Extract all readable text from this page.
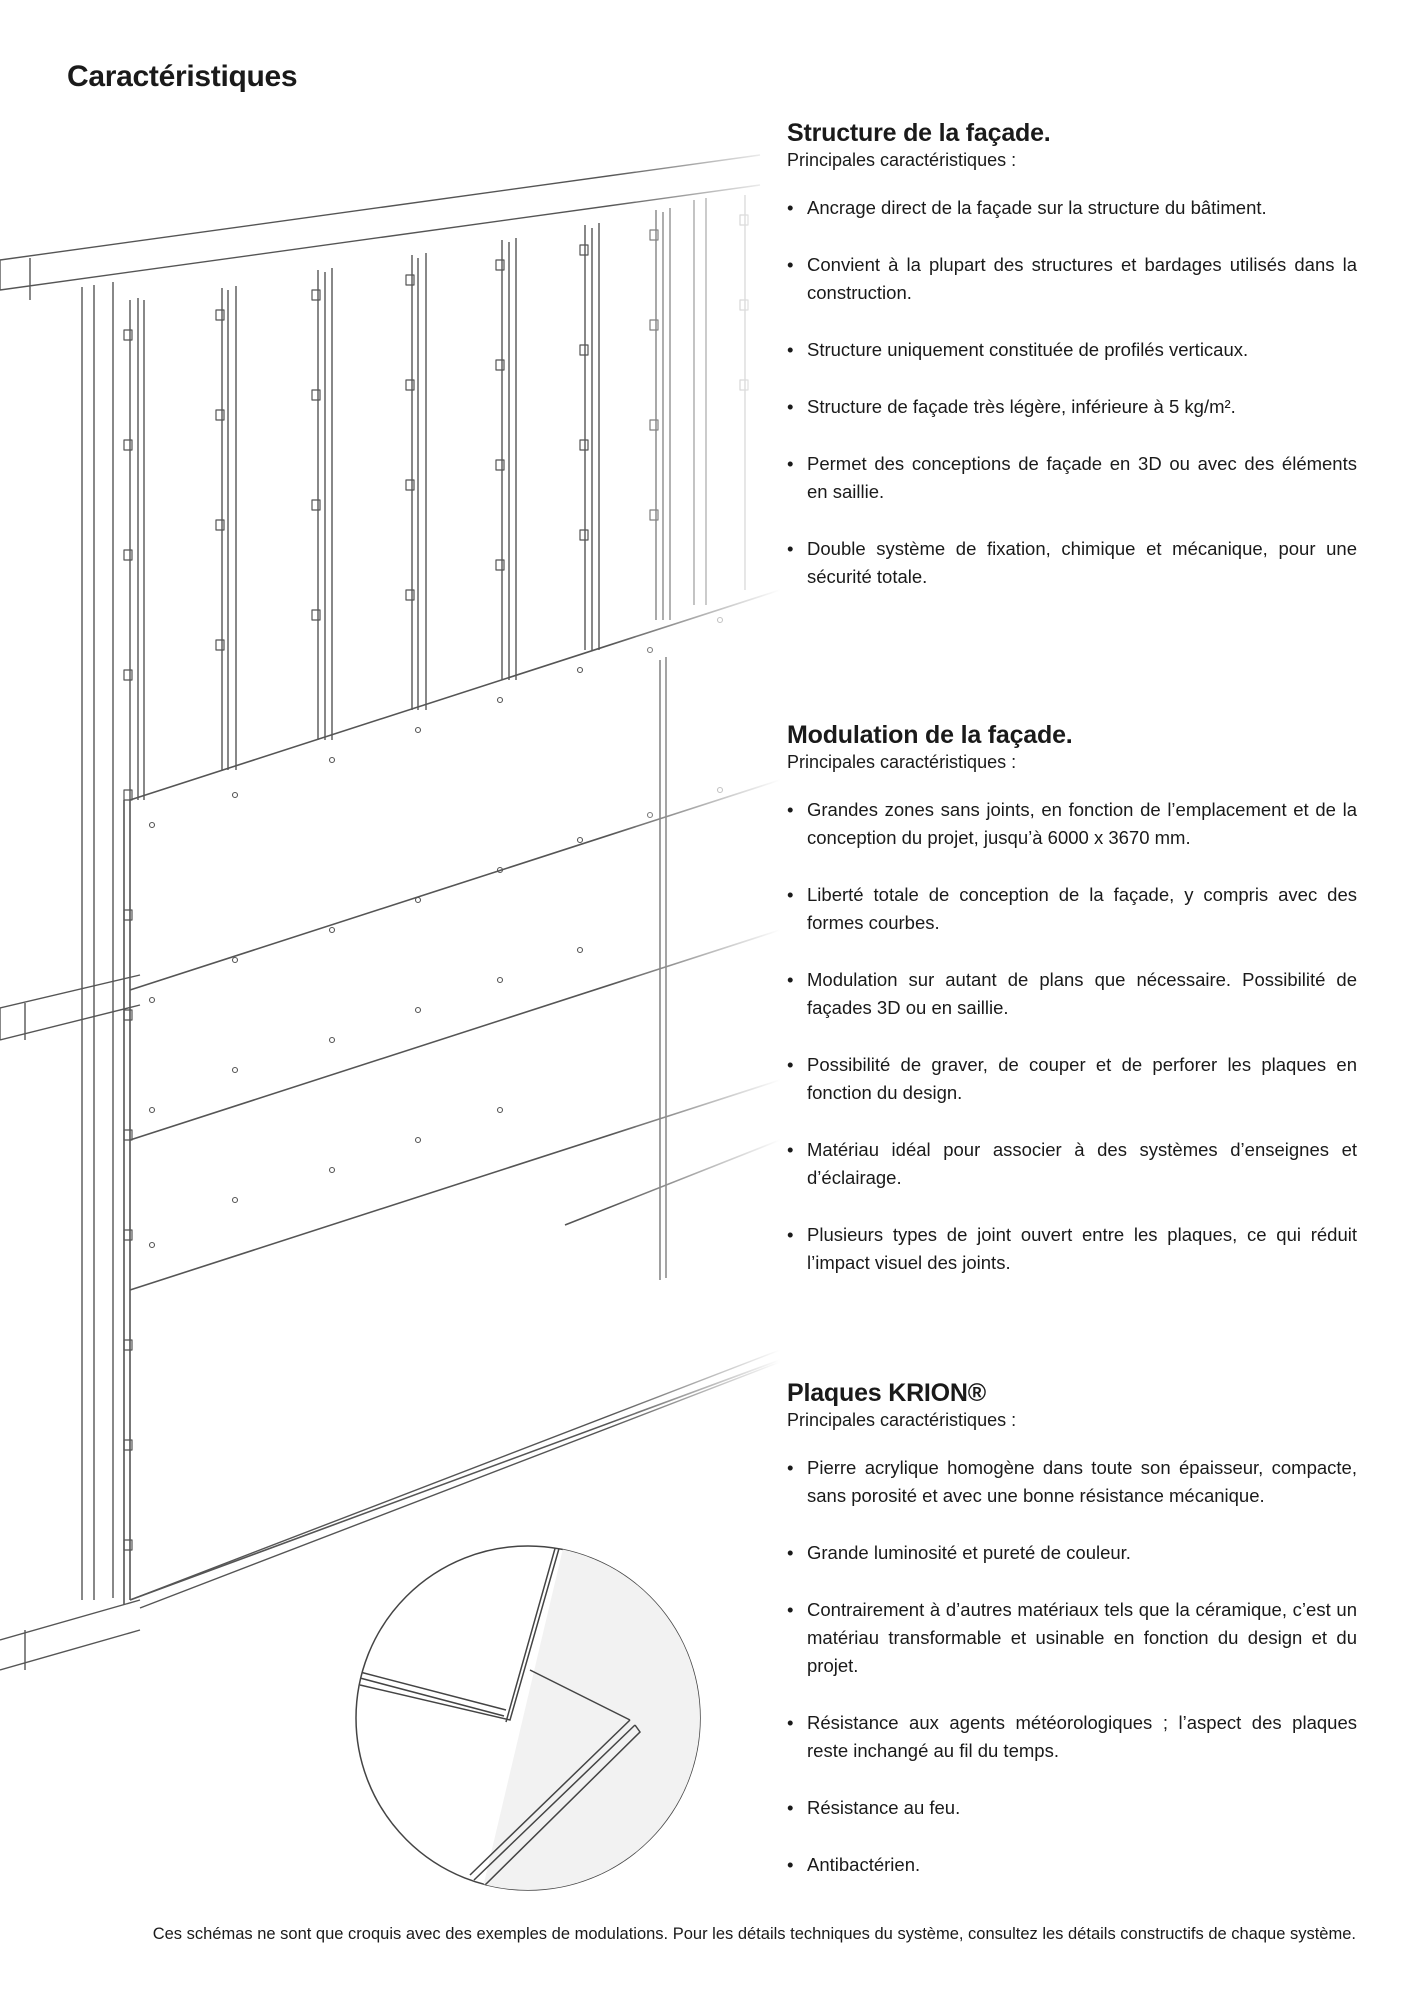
Caractéristiques
Structure de la façade.

Principales caractéristiques :

• Ancrage direct de la façade sur la structure du bâtiment.
• Convient à la plupart des structures et bardages utilisés dans la construction.
• Structure uniquement constituée de profilés verticaux.
• Structure de façade très légère, inférieure à 5 kg/m².
• Permet des conceptions de façade en 3D ou avec des éléments en saillie.
• Double système de fixation, chimique et mécanique, pour une sécurité totale.
Modulation de la façade.

Principales caractéristiques :

• Grandes zones sans joints, en fonction de l’emplacement et de la conception du projet, jusqu’à 6000 x 3670 mm.
• Liberté totale de conception de la façade, y compris avec des formes courbes.
• Modulation sur autant de plans que nécessaire. Possibilité de façades 3D ou en saillie.
• Possibilité de graver, de couper et de perforer les plaques en fonction du design.
• Matériau idéal pour associer à des systèmes d’enseignes et d’éclairage.
• Plusieurs types de joint ouvert entre les plaques, ce qui réduit l’impact visuel des joints.
Plaques KRION®

Principales caractéristiques :

• Pierre acrylique homogène dans toute son épaisseur, compacte, sans porosité et avec une bonne résistance mécanique.
• Grande luminosité et pureté de couleur.
• Contrairement à d’autres matériaux tels que la céramique, c’est un matériau transformable et usinable en fonction du design et du projet.
• Résistance aux agents météorologiques ; l’aspect des plaques reste inchangé au fil du temps.
• Résistance au feu.
• Antibactérien.

Ces schémas ne sont que croquis avec des exemples de modulations. Pour les détails techniques du système, consultez les détails constructifs de chaque système.
